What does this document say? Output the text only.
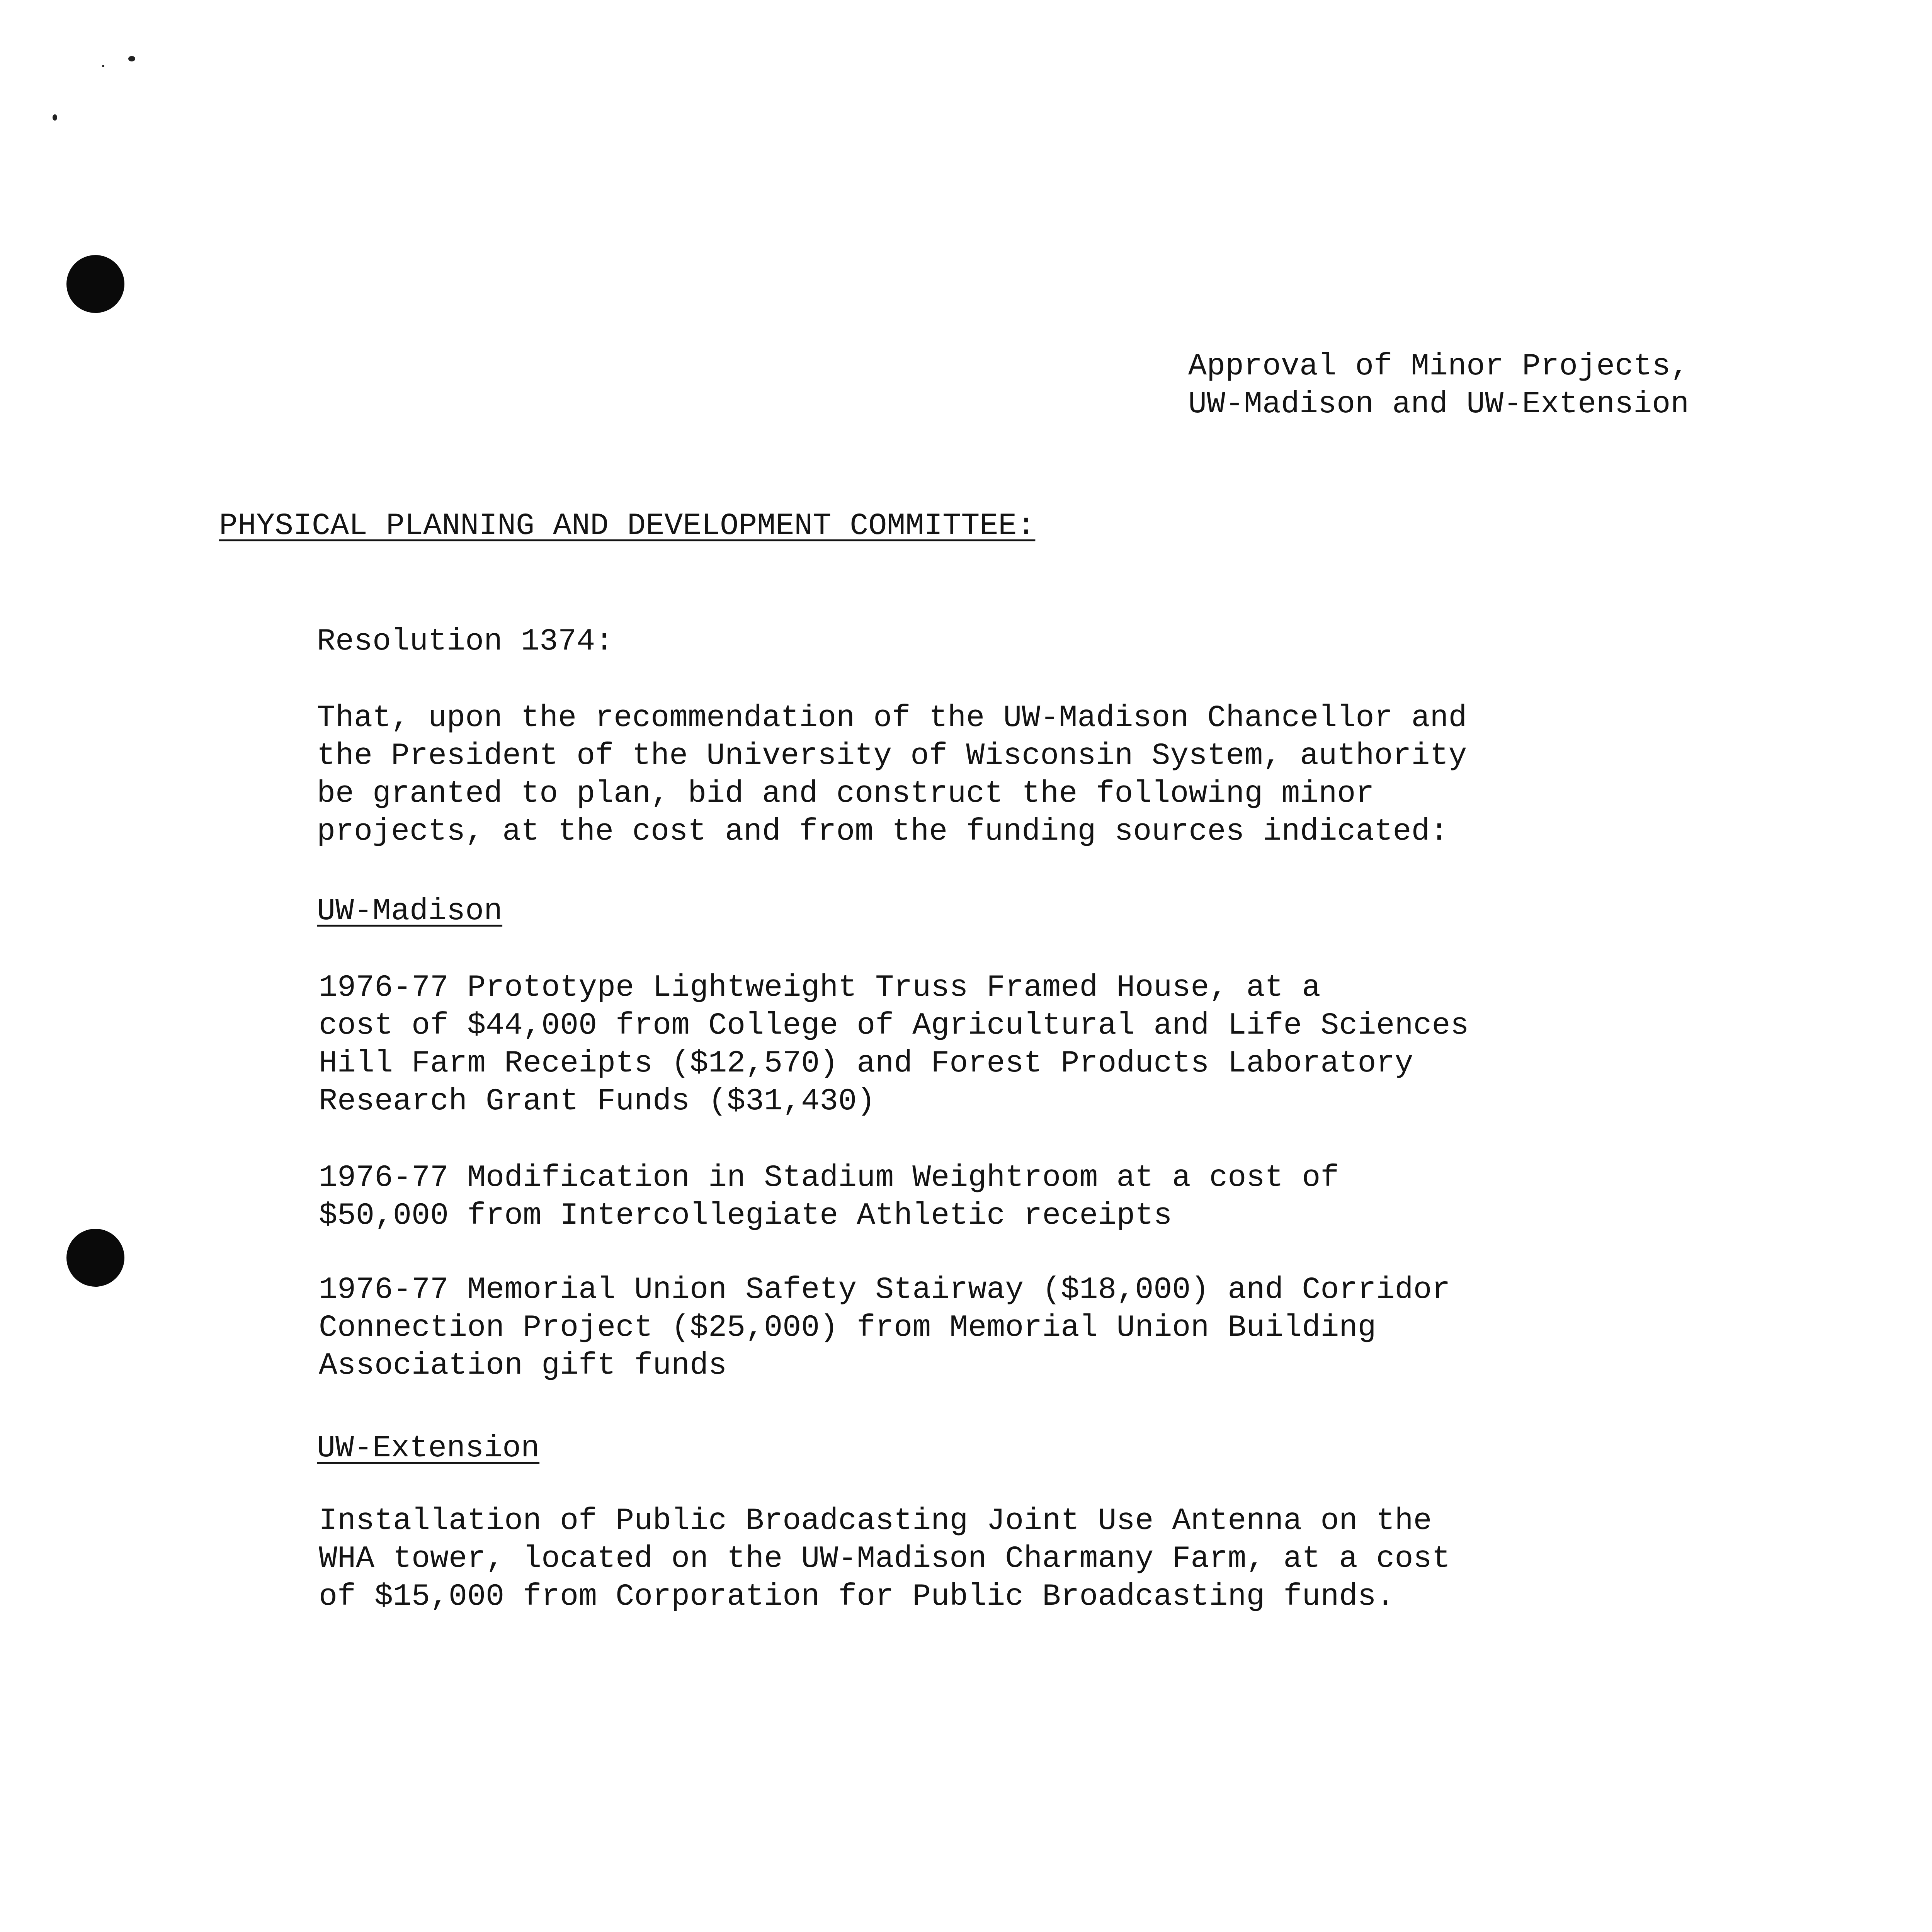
Approval of Minor Projects,
UW-Madison and UW-Extension
PHYSICAL PLANNING AND DEVELOPMENT COMMITTEE:
Resolution 1374:
That, upon the recommendation of the UW-Madison Chancellor and
the President of the University of Wisconsin System, authority
be granted to plan, bid and construct the following minor
projects, at the cost and from the funding sources indicated:
UW-Madison
1976-77 Prototype Lightweight Truss Framed House, at a
cost of $44,000 from College of Agricultural and Life Sciences
Hill Farm Receipts ($12,570) and Forest Products Laboratory
Research Grant Funds ($31,430)
1976-77 Modification in Stadium Weightroom at a cost of
$50,000 from Intercollegiate Athletic receipts
1976-77 Memorial Union Safety Stairway ($18,000) and Corridor
Connection Project ($25,000) from Memorial Union Building
Association gift funds
UW-Extension
Installation of Public Broadcasting Joint Use Antenna on the
WHA tower, located on the UW-Madison Charmany Farm, at a cost
of $15,000 from Corporation for Public Broadcasting funds.
